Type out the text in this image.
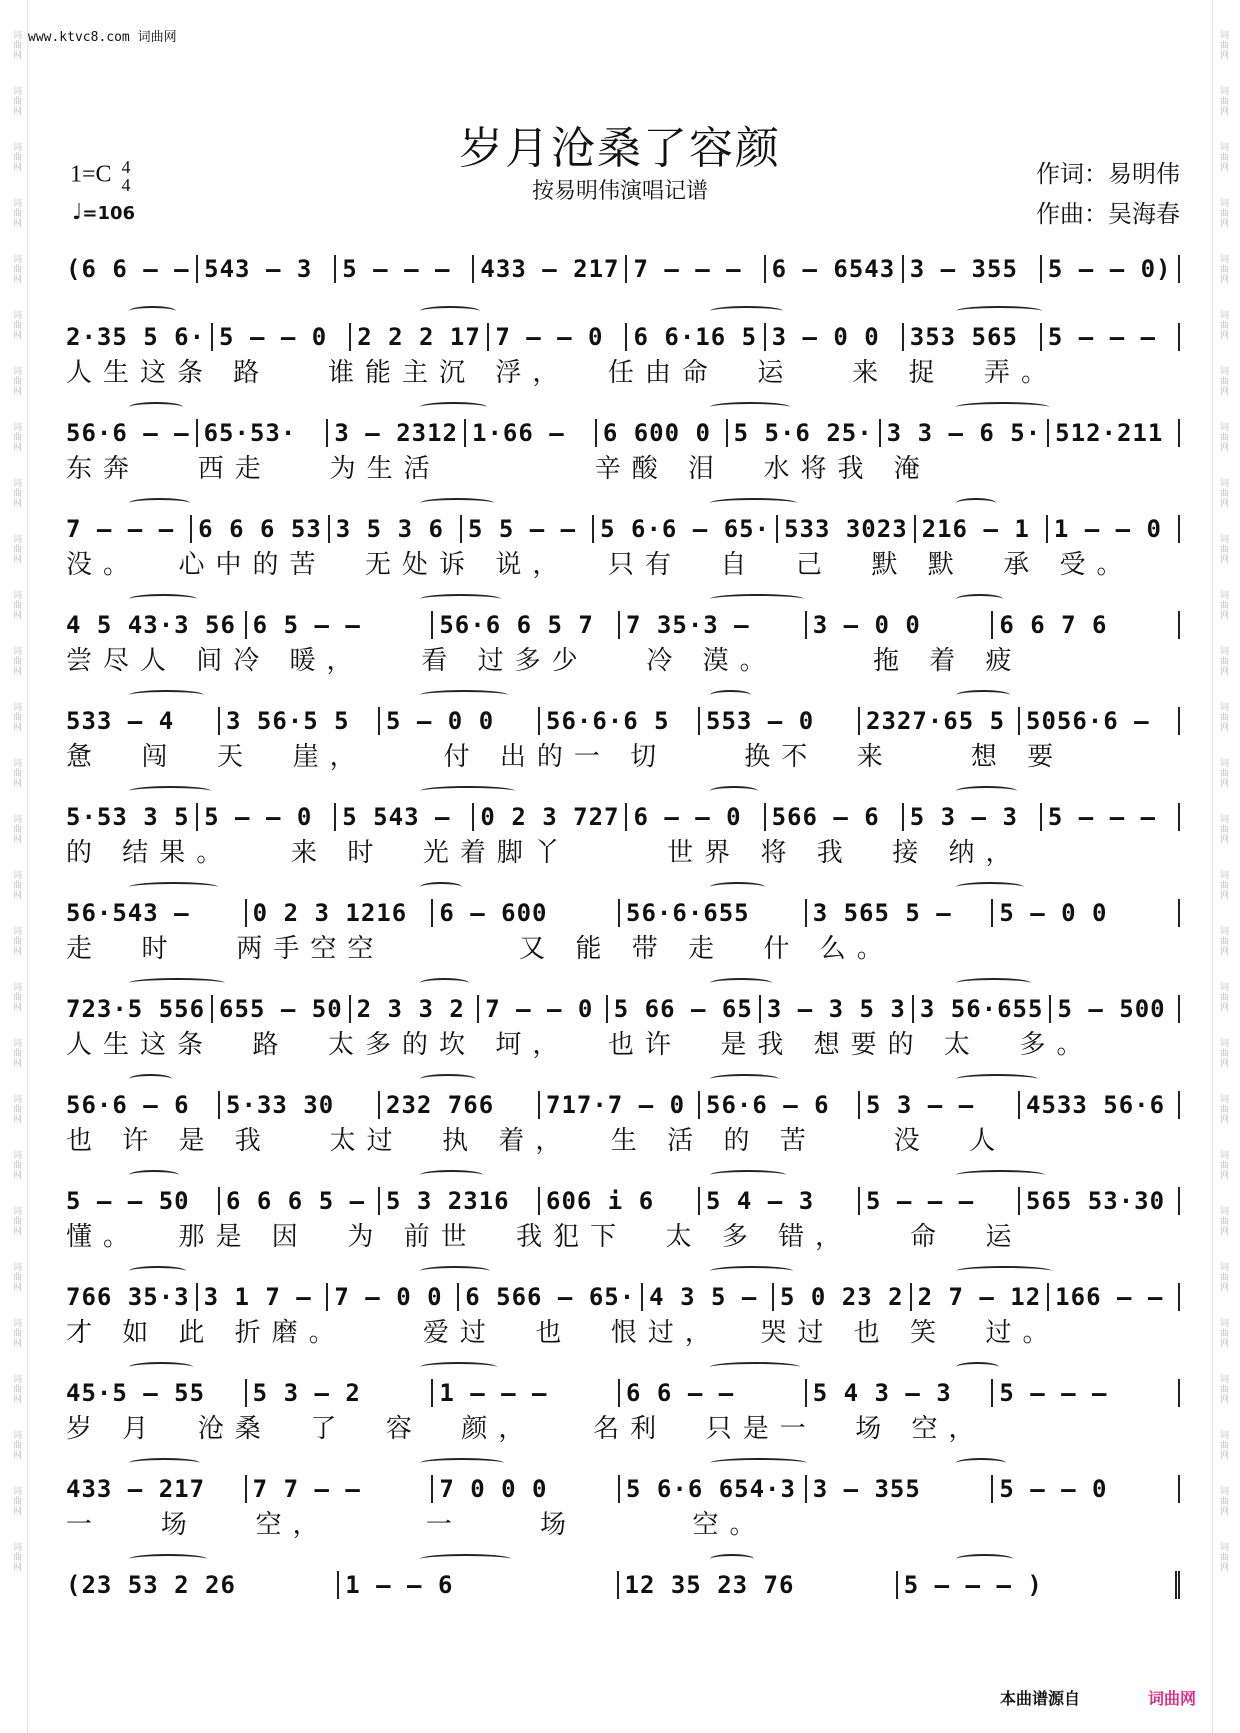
词曲网
词曲网
词曲网
词曲网
词曲网
词曲网
词曲网
词曲网
词曲网
词曲网
词曲网
词曲网
词曲网
词曲网
词曲网
词曲网
词曲网
词曲网
词曲网
词曲网
词曲网
词曲网
词曲网
词曲网
词曲网
词曲网
词曲网
词曲网
词曲网
词曲网
词曲网
词曲网
词曲网
词曲网
词曲网
词曲网
词曲网
词曲网
词曲网
词曲网
词曲网
词曲网
词曲网
词曲网
词曲网
词曲网
词曲网
词曲网
词曲网
词曲网
词曲网
词曲网
词曲网
词曲网
词曲网
词曲网
www.ktvc8.com 词曲网
岁月沧桑了容颜
按易明伟演唱记谱
1=C 4
4
♩=106
作词：易明伟
作曲：吴海春
(6 6 – – 543 – 3	5 – – –	433 – 217 7 – – –	6 – 6543 3 – 355	5 – – 0)
2·35 5 6· 5 – – 0	2 2 2 17 7 – – 0	6 6·16 5 3 – 0 0	353 565	5 – – –
人生这条 路   谁能主沉 浮，  任由命  运   来 捉  弄。
56·6 – – 65·53·	3 – 2312 1·66 –	6 600 0 5 5·6 25· 3 3 – 6 5· 512·211
东奔   西走   为生活        辛酸 泪  水将我 淹
7 – – –	6 6 6 53 3 5 3 6	5 5 – –	5 6·6 – 65· 533 3023 216 – 1	1 – – 0
没。  心中的苦  无处诉 说，  只有  自  己  默 默  承 受。
4 5 43·3 56 6 5 – –	56·6 6 5 7	7 35·3 –	3 – 0 0	6 6 7 6
尝尽人 间冷 暖，   看 过多少   冷 漠。     拖 着 疲
533 – 4	3 56·5 5	5 – 0 0	56·6·6 5	553 – 0	2327·65 5 5056·6 –
惫  闯  天  崖，    付 出的一 切    换不  来    想 要
5·53 3 5 5 – – 0	5 543 –	0 2 3 727 6 – – 0	566 – 6	5 3 – 3	5 – – –
的 结果。   来 时  光着脚丫     世界 将 我  接 纳，
56·543 –	0 2 3 1216	6 – 600	56·6·655	3 565 5 –	5 – 0 0
走  时   两手空空       又 能 带 走  什 么。
723·5 556 655 – 50 2 3 3 2 7 – – 0 5 66 – 65 3 – 3 5 3 3 56·655 5 – 500
人生这条  路  太多的坎 坷，  也许  是我 想要的 太  多。
56·6 – 6	5·33 30	232 766	717·7 – 0 56·6 – 6	5 3 – –	4533 56·6
也 许 是 我   太过  执 着，  生 活 的 苦    没  人
5 – – 50	6 6 6 5 – 5 3 2316	606 i 6	5 4 – 3	5 – – –	565 53·30
懂。  那是 因  为 前世  我犯下  太 多 错，   命  运
766 35·3 3 1 7 – 7 – 0 0 6 566 – 65· 4 3 5 – 5 0 23 2 2 7 – 12 166 – –
才 如 此 折磨。    爱过  也  恨过，  哭过 也 笑  过。
45·5 – 55	5 3 – 2	1 – – –	6 6 – –	5 4 3 – 3	5 – – –
岁 月  沧桑  了  容  颜，   名利  只是一  场 空，
433 – 217	7 7 – –	7 0 0 0	5 6·6 654·3 3 – 355	5 – – 0
一   场   空，     一    场      空。
(23 53 2 26	1 – – 6	12 35 23 76	5 – – – )
本曲谱源自	词曲网
